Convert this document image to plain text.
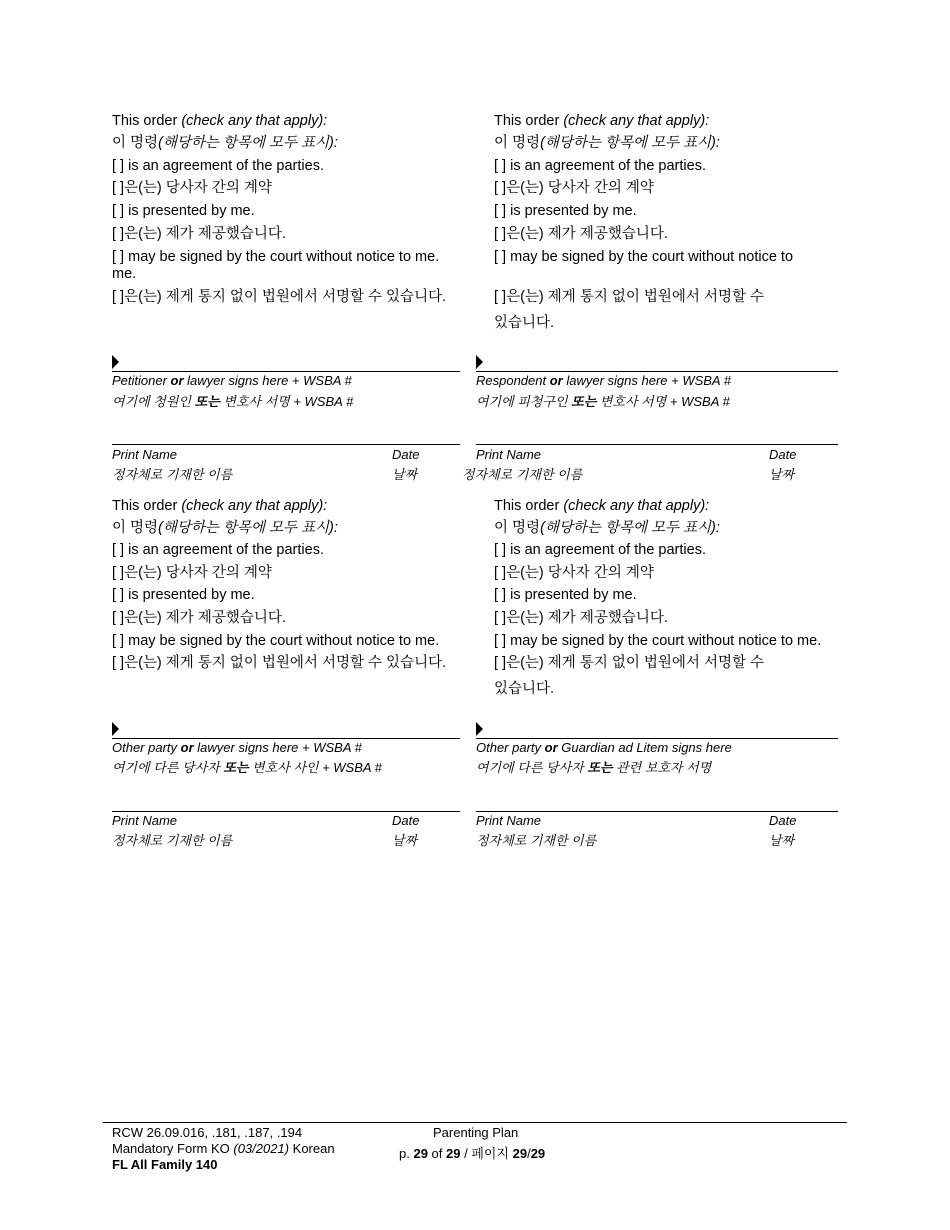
This order (check any that apply):
이 명령(해당하는 항목에 모두 표시):
[ ] is an agreement of the parties.
[ ]은(는) 당사자 간의 계약
[ ] is presented by me.
[ ]은(는) 제가 제공했습니다.
[ ] may be signed by the court without notice to me.
me.
[ ]은(는) 제게 통지 없이 법원에서 서명할 수 있습니다.
Petitioner or lawyer signs here + WSBA #
여기에 청원인 또는 변호사 서명 + WSBA #
Print Name
정자체로 기재한 이름
Date
날짜
This order (check any that apply):
이 명령(해당하는 항목에 모두 표시):
[ ] is an agreement of the parties.
[ ]은(는) 당사자 간의 계약
[ ] is presented by me.
[ ]은(는) 제가 제공했습니다.
[ ] may be signed by the court without notice to
[ ]은(는) 제게 통지 없이 법원에서 서명할 수
있습니다.
Respondent or lawyer signs here + WSBA #
여기에 피청구인 또는 변호사 서명 + WSBA #
Print Name
정자체로 기재한 이름
Date
날짜
This order (check any that apply):
이 명령(해당하는 항목에 모두 표시):
[ ] is an agreement of the parties.
[ ]은(는) 당사자 간의 계약
[ ] is presented by me.
[ ]은(는) 제가 제공했습니다.
[ ] may be signed by the court without notice to me.
[ ]은(는) 제게 통지 없이 법원에서 서명할 수 있습니다.
Other party or lawyer signs here + WSBA #
여기에 다른 당사자 또는 변호사 사인 + WSBA #
Print Name
정자체로 기재한 이름
Date
날짜
This order (check any that apply):
이 명령(해당하는 항목에 모두 표시):
[ ] is an agreement of the parties.
[ ]은(는) 당사자 간의 계약
[ ] is presented by me.
[ ]은(는) 제가 제공했습니다.
[ ] may be signed by the court without notice to me.
[ ]은(는) 제게 통지 없이 법원에서 서명할 수
있습니다.
Other party or Guardian ad Litem signs here
여기에 다른 당사자 또는 관련 보호자 서명
Print Name
정자체로 기재한 이름
Date
날짜
RCW 26.09.016, .181, .187, .194
Mandatory Form KO (03/2021) Korean
FL All Family 140
Parenting Plan
p. 29 of 29 / 페이지 29/29
